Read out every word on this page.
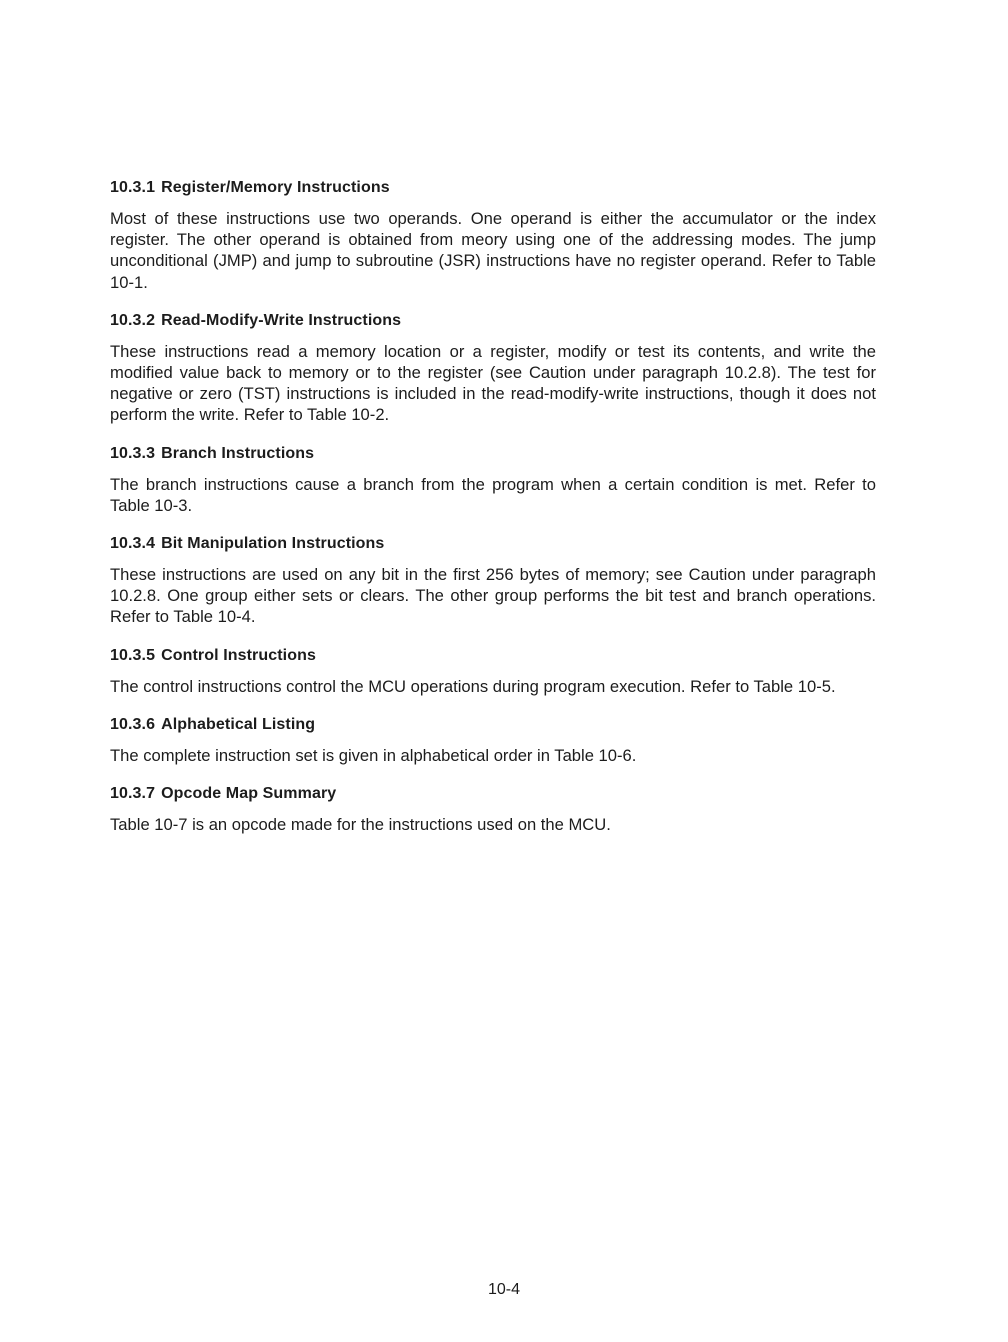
10.3.1 Register/Memory Instructions

Most of these instructions use two operands. One operand is either the accumulator or the index register. The other operand is obtained from meory using one of the addressing modes. The jump unconditional (JMP) and jump to subroutine (JSR) instructions have no register operand. Refer to Table 10-1.

10.3.2 Read-Modify-Write Instructions

These instructions read a memory location or a register, modify or test its contents, and write the modified value back to memory or to the register (see Caution under paragraph 10.2.8). The test for negative or zero (TST) instructions is included in the read-modify-write instructions, though it does not perform the write. Refer to Table 10-2.

10.3.3 Branch Instructions

The branch instructions cause a branch from the program when a certain condition is met. Refer to Table 10-3.

10.3.4 Bit Manipulation Instructions

These instructions are used on any bit in the first 256 bytes of memory; see Caution under paragraph 10.2.8. One group either sets or clears. The other group performs the bit test and branch operations. Refer to Table 10-4.

10.3.5 Control Instructions

The control instructions control the MCU operations during program execution. Refer to Table 10-5.

10.3.6 Alphabetical Listing

The complete instruction set is given in alphabetical order in Table 10-6.

10.3.7 Opcode Map Summary

Table 10-7 is an opcode made for the instructions used on the MCU.

10-4
